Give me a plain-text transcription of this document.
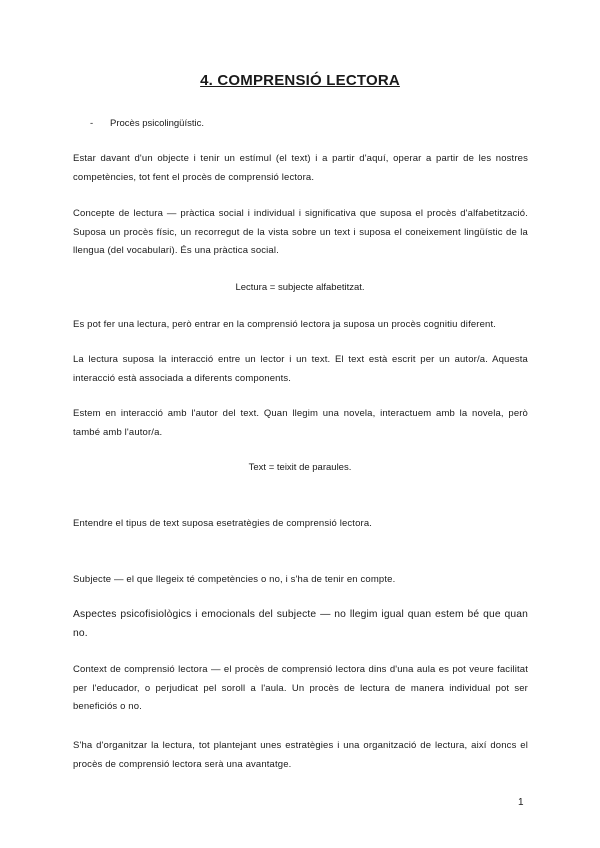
4. COMPRENSIÓ LECTORA
- Procès psicolingüístic.
Estar davant d'un objecte i tenir un estímul (el text) i a partir d'aquí, operar a partir de les nostres competències, tot fent el procès de comprensió lectora.
Concepte de lectura — pràctica social i individual i significativa que suposa el procès d'alfabetització. Suposa un procès físic, un recorregut de la vista sobre un text i suposa el coneixement lingüístic de la llengua (del vocabulari). És una pràctica social.
Lectura = subjecte alfabetitzat.
Es pot fer una lectura, però entrar en la comprensió lectora ja suposa un procès cognitiu diferent.
La lectura suposa la interacció entre un lector i un text. El text està escrit per un autor/a. Aquesta interacció està associada a diferents components.
Estem en interacció amb l'autor del text. Quan llegim una novela, interactuem amb la novela, però també amb l'autor/a.
Text = teixit de paraules.
Entendre el tipus de text suposa esetratègies de comprensió lectora.
Subjecte — el que llegeix té competències o no, i s'ha de tenir en compte.
Aspectes psicofisiològics i emocionals del subjecte — no llegim igual quan estem bé que quan no.
Context de comprensió lectora — el procès de comprensió lectora dins d'una aula es pot veure facilitat per l'educador, o perjudicat pel soroll a l'aula. Un procès de lectura de manera individual pot ser beneficiós o no.
S'ha d'organitzar la lectura, tot plantejant unes estratègies i una organització de lectura, així doncs el procès de comprensió lectora serà una avantatge.
1
